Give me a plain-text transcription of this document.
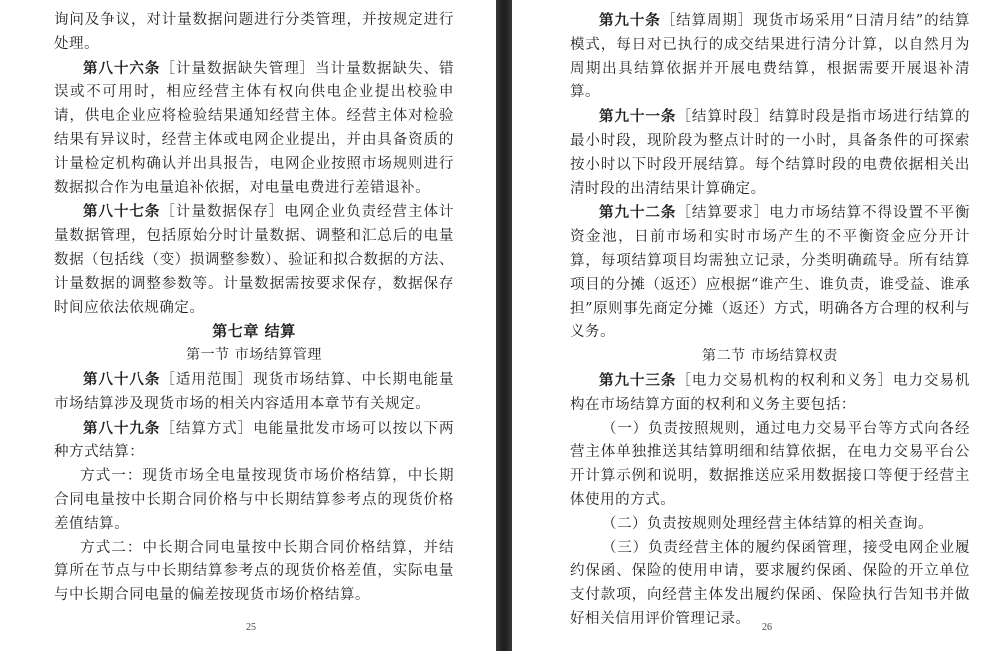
询问及争议，对计量数据问题进行分类管理，并按规定进行处理。

第八十六条［计量数据缺失管理］当计量数据缺失、错误或不可用时，相应经营主体有权向供电企业提出校验申请，供电企业应将检验结果通知经营主体。经营主体对检验结果有异议时，经营主体或电网企业提出，并由具备资质的计量检定机构确认并出具报告，电网企业按照市场规则进行数据拟合作为电量追补依据，对电量电费进行差错退补。

第八十七条［计量数据保存］电网企业负责经营主体计量数据管理，包括原始分时计量数据、调整和汇总后的电量数据（包括线（变）损调整参数）、验证和拟合数据的方法、计量数据的调整参数等。计量数据需按要求保存，数据保存时间应依法依规确定。

第七章 结算

第一节 市场结算管理

第八十八条［适用范围］现货市场结算、中长期电能量市场结算涉及现货市场的相关内容适用本章节有关规定。

第八十九条［结算方式］电能量批发市场可以按以下两种方式结算：

方式一：现货市场全电量按现货市场价格结算，中长期合同电量按中长期合同价格与中长期结算参考点的现货价格差值结算。

方式二：中长期合同电量按中长期合同价格结算，并结算所在节点与中长期结算参考点的现货价格差值，实际电量与中长期合同电量的偏差按现货市场价格结算。

25

第九十条［结算周期］现货市场采用“日清月结”的结算模式，每日对已执行的成交结果进行清分计算，以自然月为周期出具结算依据并开展电费结算，根据需要开展退补清算。

第九十一条［结算时段］结算时段是指市场进行结算的最小时段，现阶段为整点计时的一小时，具备条件的可探索按小时以下时段开展结算。每个结算时段的电费依据相关出清时段的出清结果计算确定。

第九十二条［结算要求］电力市场结算不得设置不平衡资金池，日前市场和实时市场产生的不平衡资金应分开计算，每项结算项目均需独立记录，分类明确疏导。所有结算项目的分摊（返还）应根据“谁产生、谁负责，谁受益、谁承担”原则事先商定分摊（返还）方式，明确各方合理的权利与义务。

第二节 市场结算权责

第九十三条［电力交易机构的权利和义务］电力交易机构在市场结算方面的权利和义务主要包括：

（一）负责按照规则，通过电力交易平台等方式向各经营主体单独推送其结算明细和结算依据，在电力交易平台公开计算示例和说明，数据推送应采用数据接口等便于经营主体使用的方式。

（二）负责按规则处理经营主体结算的相关查询。

（三）负责经营主体的履约保函管理，接受电网企业履约保函、保险的使用申请，要求履约保函、保险的开立单位支付款项，向经营主体发出履约保函、保险执行告知书并做好相关信用评价管理记录。

26
